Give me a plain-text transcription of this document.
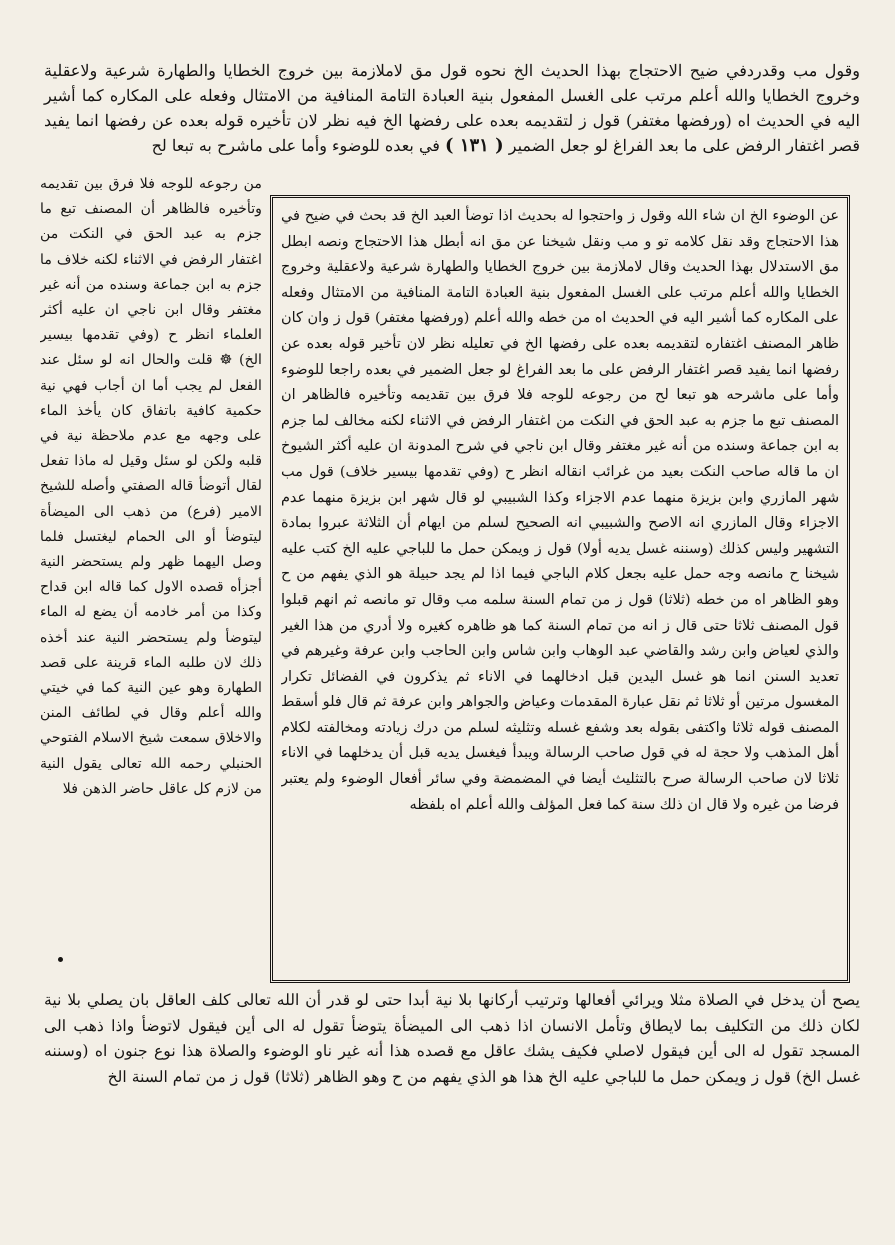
وقول مب وقدردفي ضيح الاحتجاج بهذا الحديث الخ نحوه قول مق لاملازمة بين خروج الخطايا والطهارة شرعية ولاعقلية وخروج الخطايا والله أعلم مرتب على الغسل المفعول بنية العبادة التامة المنافية من الامتثال وفعله على المكاره كما أشير اليه في الحديث اه (ورفضها مغتفر) قول ز لتقديمه بعده على رفضها الخ فيه نظر لان تأخيره قوله بعده عن رفضها انما يفيد قصر اغتفار الرفض على ما بعد الفراغ لو جعل الضمير ( ١٣١ ) في بعده للوضوء وأما على ماشرح به تبعا لح

عن الوضوء الخ ان شاء الله وقول ز واحتجوا له بحديث اذا توضأ العبد الخ قد بحث في ضيح في هذا الاحتجاج وقد نقل كلامه تو و مب ونقل شيخنا عن مق انه أبطل هذا الاحتجاج ونصه ابطل مق الاستدلال بهذا الحديث وقال لاملازمة بين خروج الخطايا والطهارة شرعية ولاعقلية وخروج الخطايا والله أعلم مرتب على الغسل المفعول بنية العبادة التامة المنافية من الامتثال وفعله على المكاره كما أشير اليه في الحديث اه من خطه والله أعلم (ورفضها مغتفر) قول ز وان كان ظاهر المصنف اغتفاره لتقديمه بعده على رفضها الخ في تعليله نظر لان تأخير قوله بعده عن رفضها انما يفيد قصر اغتفار الرفض على ما بعد الفراغ لو جعل الضمير في بعده راجعا للوضوء وأما على ماشرحه هو تبعا لح من رجوعه للوجه فلا فرق بين تقديمه وتأخيره فالظاهر ان المصنف تبع ما جزم به عبد الحق في النكت من اغتفار الرفض في الاثناء لكنه مخالف لما جزم به ابن جماعة وسنده من أنه غير مغتفر وقال ابن ناجي في شرح المدونة ان عليه أكثر الشيوخ ان ما قاله صاحب النكت بعيد من غرائب انقاله انظر ح (وفي تقدمها بيسير خلاف) قول مب شهر المازري وابن بزيزة منهما عدم الاجزاء وكذا الشبيبي لو قال شهر ابن بزيزة منهما عدم الاجزاء وقال المازري انه الاصح والشبيبي انه الصحيح لسلم من ايهام أن الثلاثة عبروا بمادة التشهير وليس كذلك (وسننه غسل يديه أولا) قول ز ويمكن حمل ما للباجي عليه الخ كتب عليه شيخنا ح مانصه وجه حمل عليه بجعل كلام الباجي فيما اذا لم يجد حبيلة هو الذي يفهم من ح وهو الظاهر اه من خطه (ثلاثا) قول ز من تمام السنة سلمه مب وقال تو مانصه ثم انهم قبلوا قول المصنف ثلاثا حتى قال ز انه من تمام السنة كما هو ظاهره كغيره ولا أدري من هذا الغير والذي لعياض وابن رشد والقاضي عبد الوهاب وابن شاس وابن الحاجب وابن عرفة وغيرهم في تعديد السنن انما هو غسل اليدين قبل ادخالهما في الاناء ثم يذكرون في الفضائل تكرار المغسول مرتين أو ثلاثا ثم نقل عبارة المقدمات وعياض والجواهر وابن عرفة ثم قال فلو أسقط المصنف قوله ثلاثا واكتفى بقوله بعد وشفع غسله وتثليثه لسلم من درك زيادته ومخالفته لكلام أهل المذهب ولا حجة له في قول صاحب الرسالة ويبدأ فيغسل يديه قبل أن يدخلهما في الاناء ثلاثا لان صاحب الرسالة صرح بالتثليث أيضا في المضمضة وفي سائر أفعال الوضوء ولم يعتبر فرضا من غيره ولا قال ان ذلك سنة كما فعل المؤلف والله أعلم اه بلفظه

من رجوعه للوجه فلا فرق بين تقديمه وتأخيره فالظاهر أن المصنف تبع ما جزم به عبد الحق في النكت من اغتفار الرفض في الاثناء لكنه خلاف ما جزم به ابن جماعة وسنده من أنه غير مغتفر وقال ابن ناجي ان عليه أكثر العلماء انظر ح (وفي تقدمها بيسير الخ) ☸ قلت والحال انه لو سئل عند الفعل لم يجب أما ان أجاب فهي نية حكمية كافية باتفاق كان يأخذ الماء على وجهه مع عدم ملاحظة نية في قلبه ولكن لو سئل وقيل له ماذا تفعل لقال أتوضأ قاله الصفتي وأصله للشيخ الامير (فرع) من ذهب الى الميضأة ليتوضأ أو الى الحمام ليغتسل فلما وصل اليهما ظهر ولم يستحضر النية أجزأه قصده الاول كما قاله ابن قداح وكذا من أمر خادمه أن يضع له الماء ليتوضأ ولم يستحضر النية عند أخذه ذلك لان طلبه الماء قرينة على قصد الطهارة وهو عين النية كما في خيتي والله أعلم وقال في لطائف المنن والاخلاق سمعت شيخ الاسلام الفتوحي الحنبلي رحمه الله تعالى يقول النية من لازم كل عاقل حاضر الذهن فلا

يصح أن يدخل في الصلاة مثلا ويرائي أفعالها وترتيب أركانها بلا نية أبدا حتى لو قدر أن الله تعالى كلف العاقل بان يصلي بلا نية لكان ذلك من التكليف بما لايطاق وتأمل الانسان اذا ذهب الى الميضأة يتوضأ تقول له الى أين فيقول لاتوضأ واذا ذهب الى المسجد تقول له الى أين فيقول لاصلي فكيف يشك عاقل مع قصده هذا أنه غير ناو الوضوء والصلاة هذا نوع جنون اه (وسننه غسل الخ) قول ز ويمكن حمل ما للباجي عليه الخ هذا هو الذي يفهم من ح وهو الظاهر (ثلاثا) قول ز من تمام السنة الخ
